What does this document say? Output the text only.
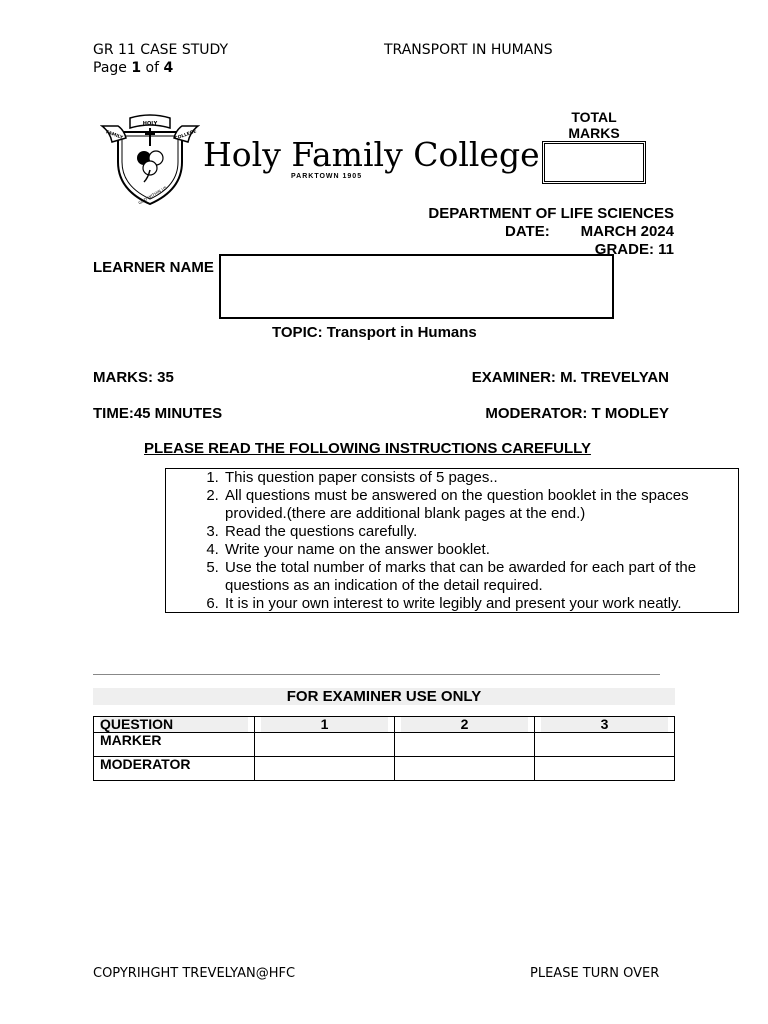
GR 11 CASE STUDY	TRANSPORT IN HUMANS
Page 1 of 4
HOLY
FAMILY	COLLEGE
GOD WITHIN US
Holy Family College
PARKTOWN 1905
TOTAL
MARKS
DEPARTMENT OF LIFE SCIENCES
DATE: MARCH 2024
GRADE: 11
LEARNER NAME
TOPIC: Transport in Humans
MARKS: 35	EXAMINER: M. TREVELYAN
TIME:45 MINUTES	MODERATOR: T MODLEY
PLEASE READ THE FOLLOWING INSTRUCTIONS CAREFULLY
1. This question paper consists of 5 pages..
2. All questions must be answered on the question booklet in the spaces provided.(there are additional blank pages at the end.)
3. Read the questions carefully.
4. Write your name on the answer booklet.
5. Use the total number of marks that can be awarded for each part of the questions as an indication of the detail required.
6. It is in your own interest to write legibly and present your work neatly.
FOR EXAMINER USE ONLY
QUESTION	1	2	3

MARKER			
MODERATOR			
COPYRIHGHT TREVELYAN@HFC	PLEASE TURN OVER
